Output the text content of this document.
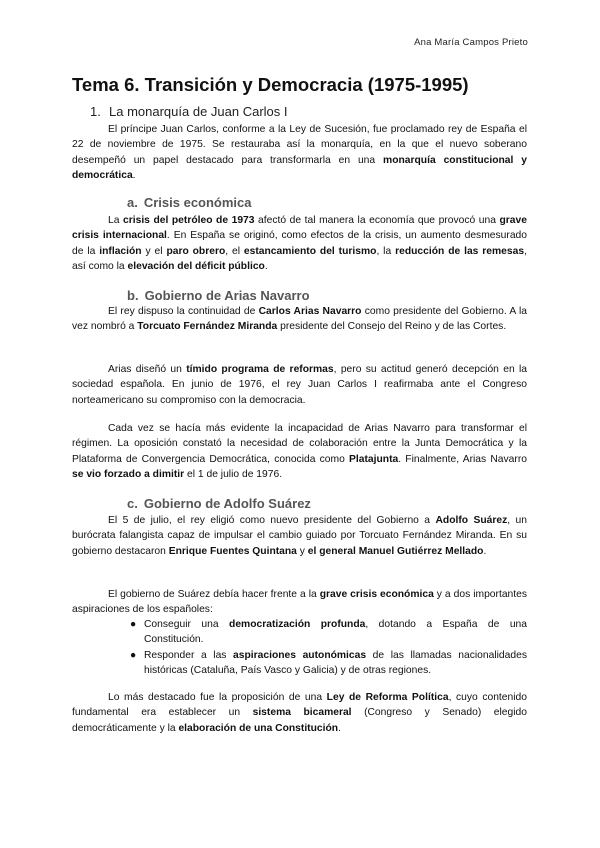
Ana María Campos Prieto
Tema 6. Transición y Democracia (1975-1995)
1. La monarquía de Juan Carlos I

El príncipe Juan Carlos, conforme a la Ley de Sucesión, fue proclamado rey de España el 22 de noviembre de 1975. Se restauraba así la monarquía, en la que el nuevo soberano desempeñó un papel destacado para transformarla en una monarquía constitucional y democrática.

a. Crisis económica

La crisis del petróleo de 1973 afectó de tal manera la economía que provocó una grave crisis internacional. En España se originó, como efectos de la crisis, un aumento desmesurado de la inflación y el paro obrero, el estancamiento del turismo, la reducción de las remesas, así como la elevación del déficit público.

b. Gobierno de Arias Navarro

El rey dispuso la continuidad de Carlos Arias Navarro como presidente del Gobierno. A la vez nombró a Torcuato Fernández Miranda presidente del Consejo del Reino y de las Cortes.

Arias diseñó un tímido programa de reformas, pero su actitud generó decepción en la sociedad española. En junio de 1976, el rey Juan Carlos I reafirmaba ante el Congreso norteamericano su compromiso con la democracia.

Cada vez se hacía más evidente la incapacidad de Arias Navarro para transformar el régimen. La oposición constató la necesidad de colaboración entre la Junta Democrática y la Plataforma de Convergencia Democrática, conocida como Platajunta. Finalmente, Arias Navarro se vio forzado a dimitir el 1 de julio de 1976.

c. Gobierno de Adolfo Suárez

El 5 de julio, el rey eligió como nuevo presidente del Gobierno a Adolfo Suárez, un burócrata falangista capaz de impulsar el cambio guiado por Torcuato Fernández Miranda. En su gobierno destacaron Enrique Fuentes Quintana y el general Manuel Gutiérrez Mellado.

El gobierno de Suárez debía hacer frente a la grave crisis económica y a dos importantes aspiraciones de los españoles:

● Conseguir una democratización profunda, dotando a España de una Constitución.
● Responder a las aspiraciones autonómicas de las llamadas nacionalidades históricas (Cataluña, País Vasco y Galicia) y de otras regiones.

Lo más destacado fue la proposición de una Ley de Reforma Política, cuyo contenido fundamental era establecer un sistema bicameral (Congreso y Senado) elegido democráticamente y la elaboración de una Constitución.
